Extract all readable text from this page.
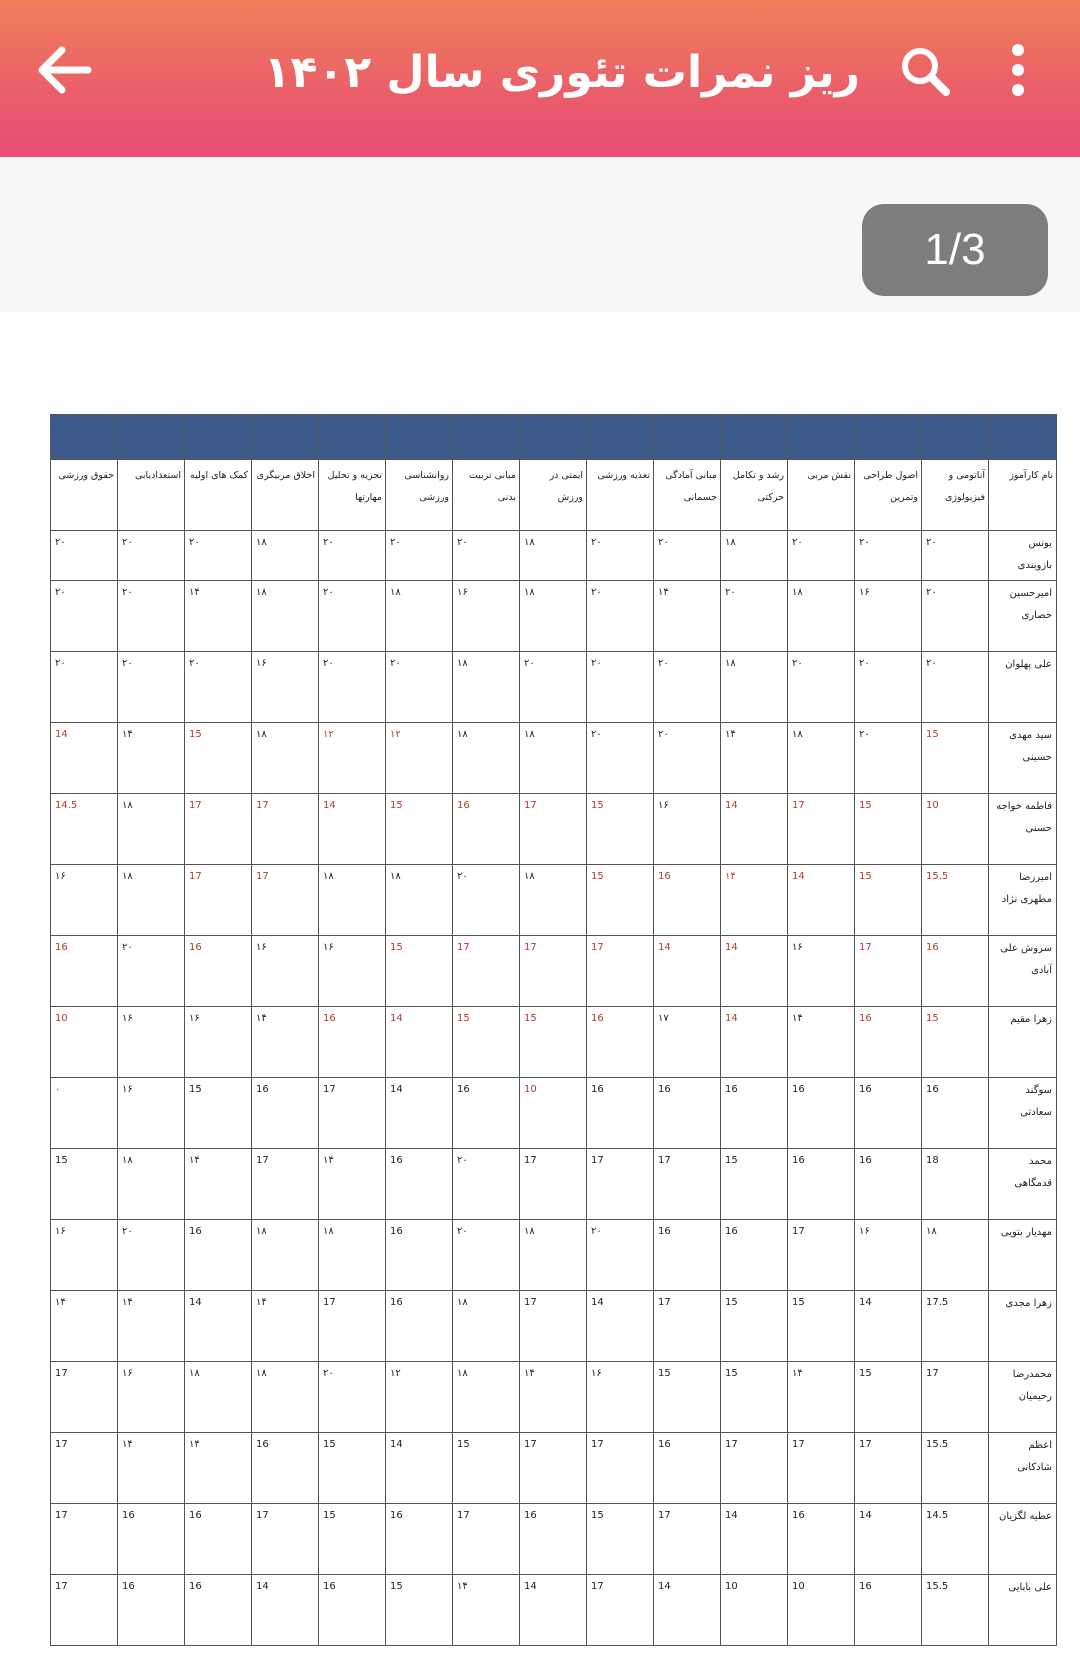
ریز نمرات تئوری سال ۱۴۰۲
1/3

نام کارآموز	آناتومی و فیزیولوژی	اصول طراحی وتمرین	نقش مربی	رشد و تکامل حرکتی	مبانی آمادگی جسمانی	تغذیه ورزشی	ایمنی در ورزش	مبانی تربیت بدنی	روانشناسی ورزشی	تجزیه و تحلیل مهارتها	اخلاق مربیگری	کمک های اولیه	استعدادیابی	حقوق ورزشی
یونس بازوبندی	۲۰	۲۰	۲۰	۱۸	۲۰	۲۰	۱۸	۲۰	۲۰	۲۰	۱۸	۲۰	۲۰	۲۰
امیرحسین حصاری	۲۰	۱۶	۱۸	۲۰	۱۴	۲۰	۱۸	۱۶	۱۸	۲۰	۱۸	۱۴	۲۰	۲۰
علی پهلوان	۲۰	۲۰	۲۰	۱۸	۲۰	۲۰	۲۰	۱۸	۲۰	۲۰	۱۶	۲۰	۲۰	۲۰
سید مهدی حسینی	15	۲۰	۱۸	۱۴	۲۰	۲۰	۱۸	۱۸	۱۲	۱۲	۱۸	15	۱۴	14
فاطمه خواجه حسنی	10	15	17	14	۱۶	15	17	16	15	14	17	17	۱۸	14.5
امیررضا مطهری نژاد	15.5	15	14	۱۴	16	15	۱۸	۲۰	۱۸	۱۸	17	17	۱۸	۱۶
سروش علی آبادی	16	17	۱۶	14	14	17	17	17	15	۱۶	۱۶	16	۲۰	16
زهرا مقیم	15	16	۱۴	14	۱۷	16	15	15	14	16	۱۴	۱۶	۱۶	10
سوگند سعادتی	16	16	16	16	16	16	10	16	14	17	16	15	۱۶	۰
محمد قدمگاهی	18	16	16	15	17	17	17	۲۰	16	۱۴	17	۱۴	۱۸	15
مهدیار بتویی	۱۸	۱۶	17	16	16	۲۰	۱۸	۲۰	16	۱۸	۱۸	16	۲۰	۱۶
زهرا مجدی	17.5	14	15	15	17	14	17	۱۸	16	17	۱۴	14	۱۴	۱۴
محمدرضا رحیمیان	17	15	۱۴	15	15	۱۶	۱۴	۱۸	۱۲	۲۰	۱۸	۱۸	۱۶	17
اعظم شادکانی	15.5	17	17	17	16	17	17	15	14	15	16	۱۴	۱۴	17
عطیه لگزیان	14.5	14	16	14	17	15	16	17	16	15	17	16	16	17
علی بابایی	15.5	16	10	10	14	17	14	۱۴	15	16	14	16	16	17
